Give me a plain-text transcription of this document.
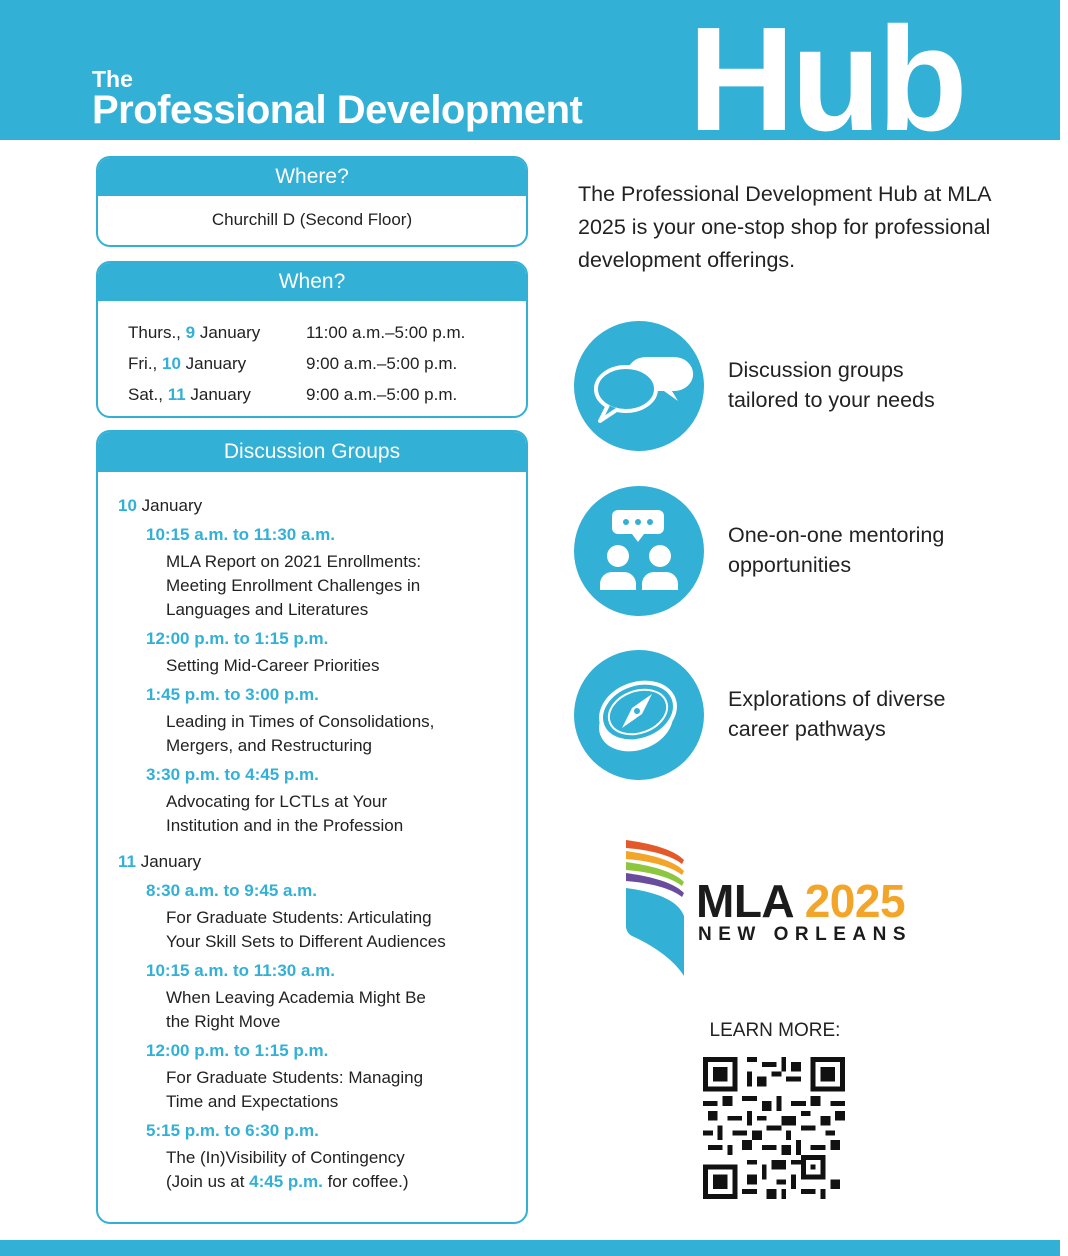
The
Professional Development Hub
Where?
Churchill D (Second Floor)
When?
Thurs., 9 January	11:00 a.m.–5:00 p.m.
Fri., 10 January	9:00 a.m.–5:00 p.m.
Sat., 11 January	9:00 a.m.–5:00 p.m.
Discussion Groups
10 January
10:15 a.m. to 11:30 a.m.
MLA Report on 2021 Enrollments:
Meeting Enrollment Challenges in
Languages and Literatures
12:00 p.m. to 1:15 p.m.
Setting Mid-Career Priorities
1:45 p.m. to 3:00 p.m.
Leading in Times of Consolidations,
Mergers, and Restructuring
3:30 p.m. to 4:45 p.m.
Advocating for LCTLs at Your
Institution and in the Profession
11 January
8:30 a.m. to 9:45 a.m.
For Graduate Students: Articulating
Your Skill Sets to Different Audiences
10:15 a.m. to 11:30 a.m.
When Leaving Academia Might Be
the Right Move
12:00 p.m. to 1:15 p.m.
For Graduate Students: Managing
Time and Expectations
5:15 p.m. to 6:30 p.m.
The (In)Visibility of Contingency
(Join us at 4:45 p.m. for coffee.)
The Professional Development Hub at MLA 2025 is your one-stop shop for professional development offerings.
Discussion groups
tailored to your needs
One-on-one mentoring
opportunities
Explorations of diverse
career pathways
MLA 2025
NEW ORLEANS
LEARN MORE:
